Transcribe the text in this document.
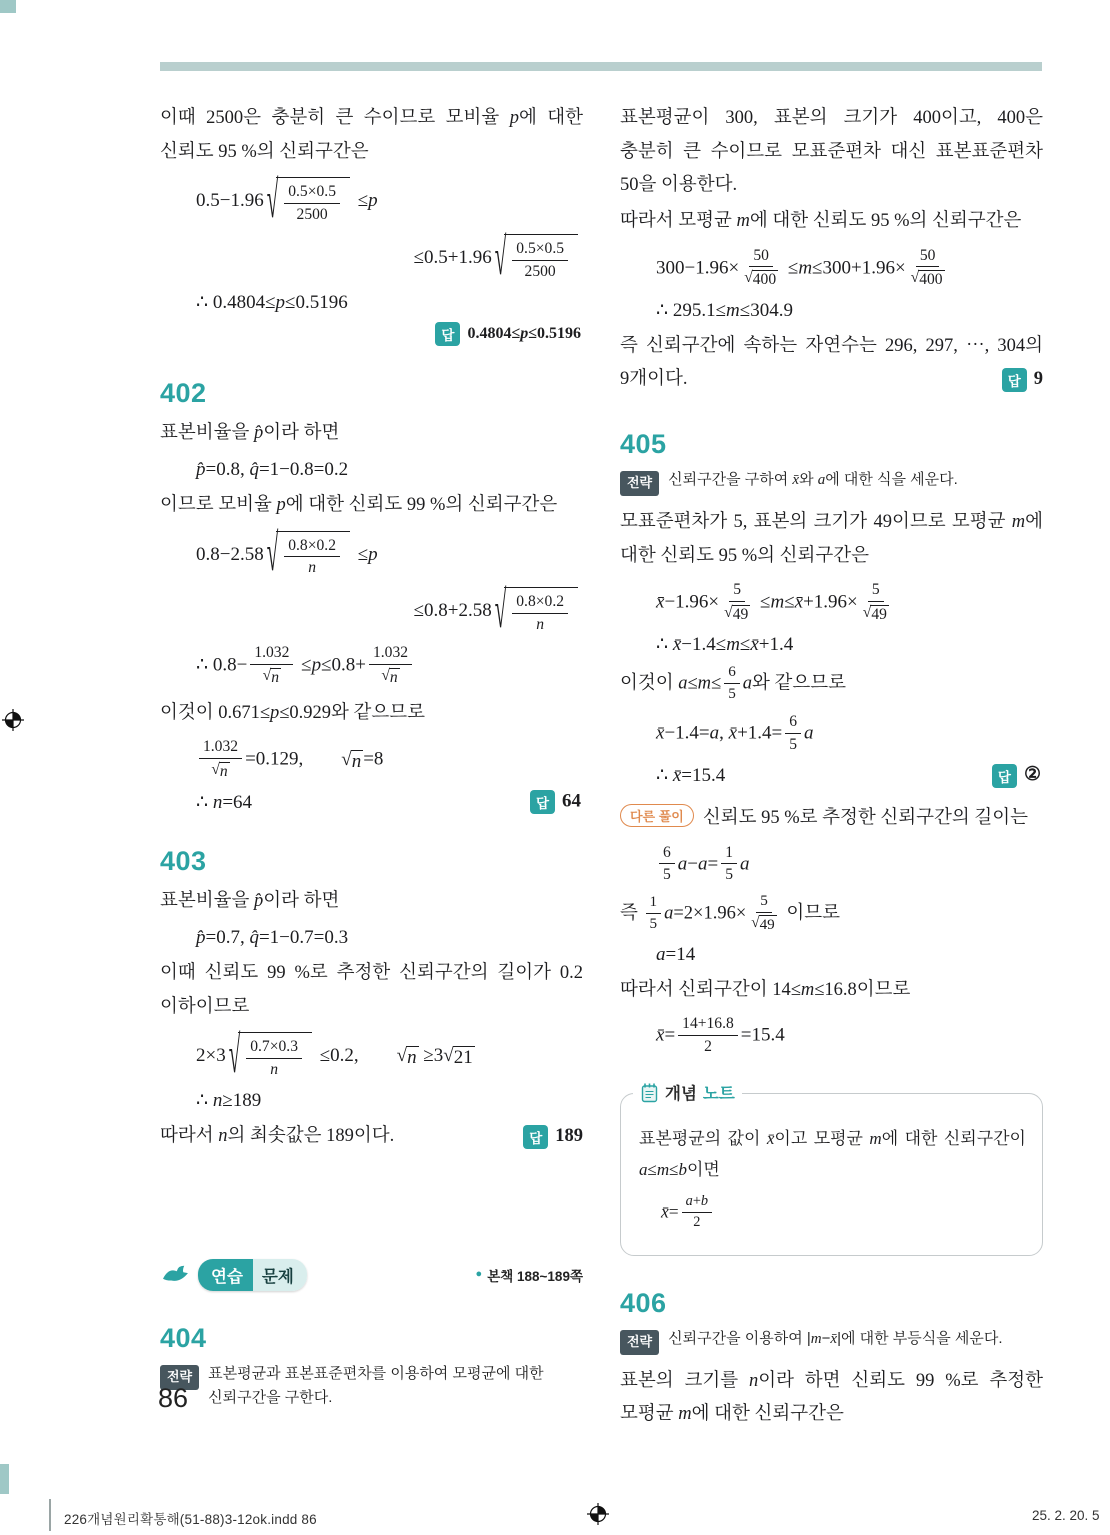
이때 2500은 충분히 큰 수이므로 모비율 p에 대한 신뢰도 95 %의 신뢰구간은
0.5−1.96 √ $\frac{0.5\times 0.5}{2500} \le p$
≤0.5+1.96 √ $\frac{0.5\times 0.5}{2500}$
∴ 0.4804≤p≤0.5196
답 0.4804≤p≤0.5196
402
표본비율을 p̂이라 하면
p̂=0.8, q̂=1−0.8=0.2
이므로 모비율 p에 대한 신뢰도 99 %의 신뢰구간은
0.8−2.58 √ $\frac{0.8\times 0.2}{n} \le p$
≤0.8+2.58 √ $\frac{0.8\times 0.2}{n}$
∴ $0.8- \frac{1.032}{√ n} \le p\le 0.8+ \frac{1.032}{√ n}$
이것이 0.671≤p≤0.929와 같으므로
$\frac{1.032}{√ n} =0.129$,   √ n =8
∴ n=64	답 64
403
표본비율을 p̂이라 하면
p̂=0.7, q̂=1−0.7=0.3
이때 신뢰도 99 %로 추정한 신뢰구간의 길이가 0.2 이하이므로
2×3 √ $\frac{0.7\times 0.3}{n} \le 0.2$,   √ n ≥3 √ 21
∴ n≥189
따라서 n의 최솟값은 189이다.	답 189
연습	문제	● 본책 188~189쪽
404
전략	표본평균과 표본표준편차를 이용하여 모평균에 대한 신뢰구간을 구한다.
표본평균이 300, 표본의 크기가 400이고, 400은 충분히 큰 수이므로 모표준편차 대신 표본표준편차 50을 이용한다.
따라서 모평균 m에 대한 신뢰도 95 %의 신뢰구간은
$300-1.96\times \frac{50}{√ 400} \le m\le 300+1.96\times \frac{50}{√ 400}$
∴ 295.1≤m≤304.9
즉 신뢰구간에 속하는 자연수는 296, 297, ⋯, 304의 9개이다.	답 9
405
전략	신뢰구간을 구하여 x̄와 a에 대한 식을 세운다.
모표준편차가 5, 표본의 크기가 49이므로 모평균 m에 대한 신뢰도 95 %의 신뢰구간은
x̄−1.96× $\frac{5}{√ 49}$ ≤m≤x̄+1.96× $\frac{5}{√ 49}$
∴ x̄−1.4≤m≤x̄+1.4
이것이 $a\le m\le \frac{6}{5}$ a와 같으므로
x̄−1.4=a, x̄+1.4= $\frac{6}{5}$ a
∴ x̄=15.4	답 ②
다른 풀이 신뢰도 95 %로 추정한 신뢰구간의 길이는
$\frac{6}{5} a-a= \frac{1}{5}$ a
즉 $\frac{1}{5} a=2\times 1.96\times \frac{5}{√ 49}$ 이므로
a=14
따라서 신뢰구간이 14≤m≤16.8이므로
x̄= $\frac{14+16.8}{2} =15.4$
개념 노트
표본평균의 값이 x̄이고 모평균 m에 대한 신뢰구간이 a≤m≤b이면
x̄= $\frac{a+b}{2}$
406
전략	신뢰구간을 이용하여 |m−x̄|에 대한 부등식을 세운다.
표본의 크기를 n이라 하면 신뢰도 99 %로 추정한 모평균 m에 대한 신뢰구간은
86
226개념원리확통해(51-88)3-12ok.indd 86	25. 2. 20. 5
